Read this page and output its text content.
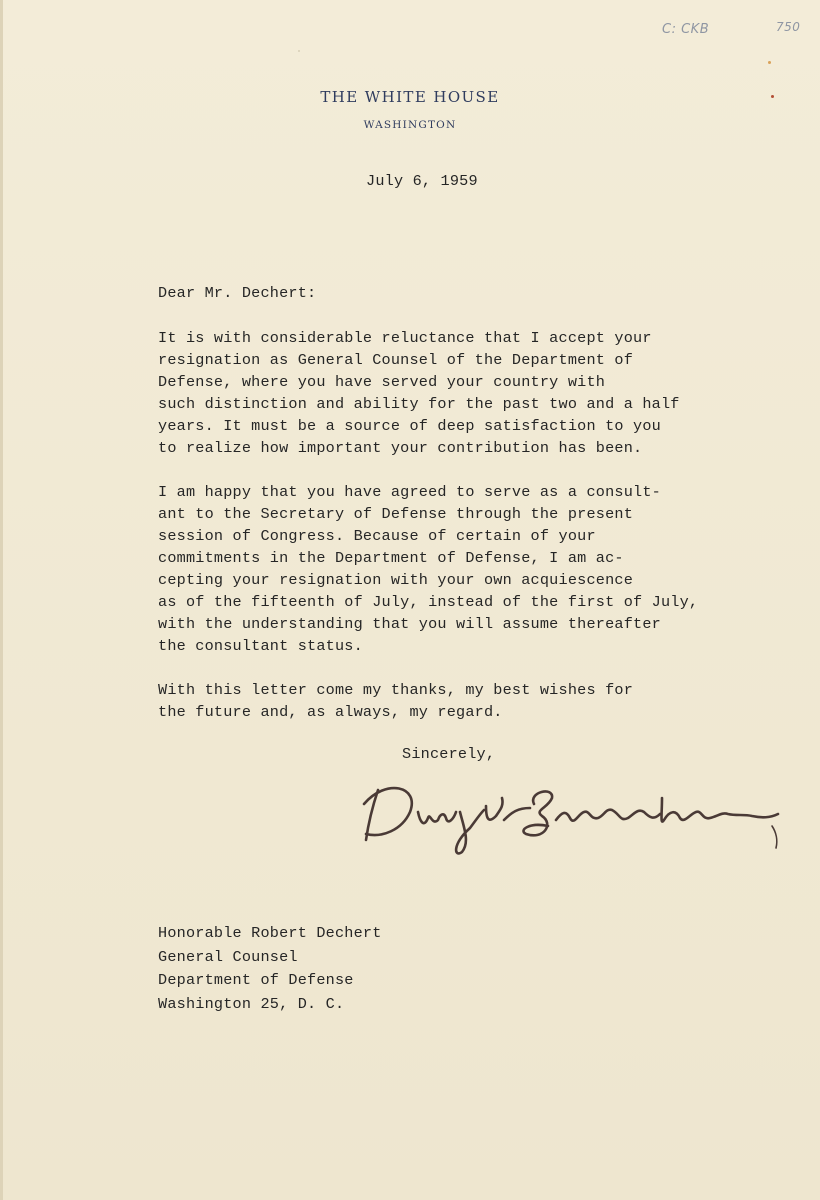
C: CKB	750
THE WHITE HOUSE
WASHINGTON
July 6, 1959
Dear Mr. Dechert:
It is with considerable reluctance that I accept your
resignation as General Counsel of the Department of
Defense, where you have served your country with
such distinction and ability for the past two and a half
years. It must be a source of deep satisfaction to you
to realize how important your contribution has been.
I am happy that you have agreed to serve as a consult-
ant to the Secretary of Defense through the present
session of Congress. Because of certain of your
commitments in the Department of Defense, I am ac-
cepting your resignation with your own acquiescence
as of the fifteenth of July, instead of the first of July,
with the understanding that you will assume thereafter
the consultant status.
With this letter come my thanks, my best wishes for
the future and, as always, my regard.
Sincerely,
Honorable Robert Dechert
General Counsel
Department of Defense
Washington 25, D. C.
